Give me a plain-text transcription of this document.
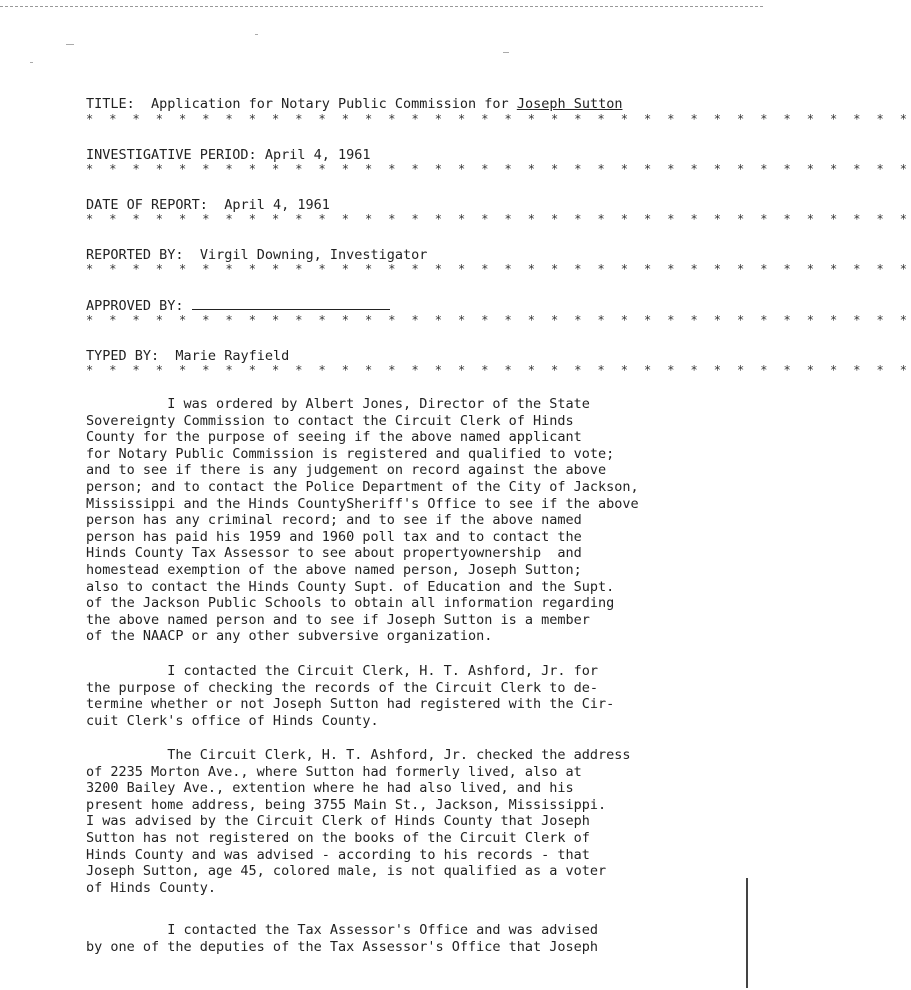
TITLE: Application for Notary Public Commission for Joseph Sutton
* * * * * * * * * * * * * * * * * * * * * * * * * * * * * * * * * * * *
INVESTIGATIVE PERIOD: April 4, 1961
* * * * * * * * * * * * * * * * * * * * * * * * * * * * * * * * * * * *
DATE OF REPORT: April 4, 1961
* * * * * * * * * * * * * * * * * * * * * * * * * * * * * * * * * * * *
REPORTED BY: Virgil Downing, Investigator
* * * * * * * * * * * * * * * * * * * * * * * * * * * * * * * * * * * *
APPROVED BY:
* * * * * * * * * * * * * * * * * * * * * * * * * * * * * * * * * * * *
TYPED BY: Marie Rayfield
* * * * * * * * * * * * * * * * * * * * * * * * * * * * * * * * * * * *
I was ordered by Albert Jones, Director of the State
Sovereignty Commission to contact the Circuit Clerk of Hinds
County for the purpose of seeing if the above named applicant
for Notary Public Commission is registered and qualified to vote;
and to see if there is any judgement on record against the above
person; and to contact the Police Department of the City of Jackson,
Mississippi and the Hinds CountySheriff's Office to see if the above
person has any criminal record; and to see if the above named
person has paid his 1959 and 1960 poll tax and to contact the
Hinds County Tax Assessor to see about propertyownership  and
homestead exemption of the above named person, Joseph Sutton;
also to contact the Hinds County Supt. of Education and the Supt.
of the Jackson Public Schools to obtain all information regarding
the above named person and to see if Joseph Sutton is a member
of the NAACP or any other subversive organization.
I contacted the Circuit Clerk, H. T. Ashford, Jr. for
the purpose of checking the records of the Circuit Clerk to de-
termine whether or not Joseph Sutton had registered with the Cir-
cuit Clerk's office of Hinds County.
The Circuit Clerk, H. T. Ashford, Jr. checked the address
of 2235 Morton Ave., where Sutton had formerly lived, also at
3200 Bailey Ave., extention where he had also lived, and his
present home address, being 3755 Main St., Jackson, Mississippi.
I was advised by the Circuit Clerk of Hinds County that Joseph
Sutton has not registered on the books of the Circuit Clerk of
Hinds County and was advised - according to his records - that
Joseph Sutton, age 45, colored male, is not qualified as a voter
of Hinds County.
I contacted the Tax Assessor's Office and was advised
by one of the deputies of the Tax Assessor's Office that Joseph
